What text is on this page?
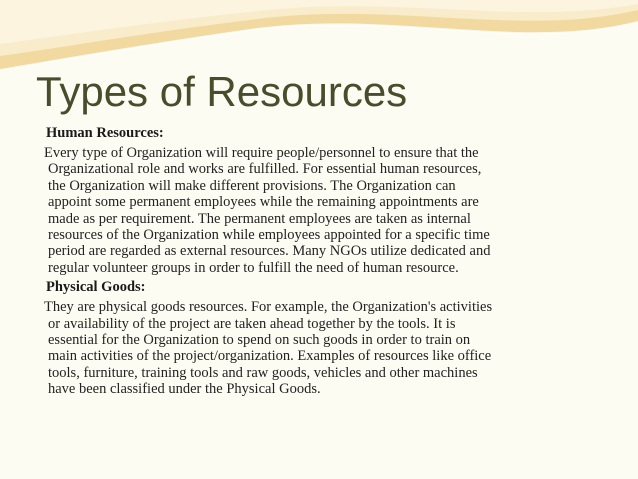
Types of Resources

Human Resources:

Every type of Organization will require people/personnel to ensure that the
Organizational role and works are fulfilled. For essential human resources,
the Organization will make different provisions. The Organization can
appoint some permanent employees while the remaining appointments are
made as per requirement. The permanent employees are taken as internal
resources of the Organization while employees appointed for a specific time
period are regarded as external resources. Many NGOs utilize dedicated and
regular volunteer groups in order to fulfill the need of human resource.

Physical Goods:

They are physical goods resources. For example, the Organization's activities
or availability of the project are taken ahead together by the tools. It is
essential for the Organization to spend on such goods in order to train on
main activities of the project/organization. Examples of resources like office
tools, furniture, training tools and raw goods, vehicles and other machines
have been classified under the Physical Goods.
